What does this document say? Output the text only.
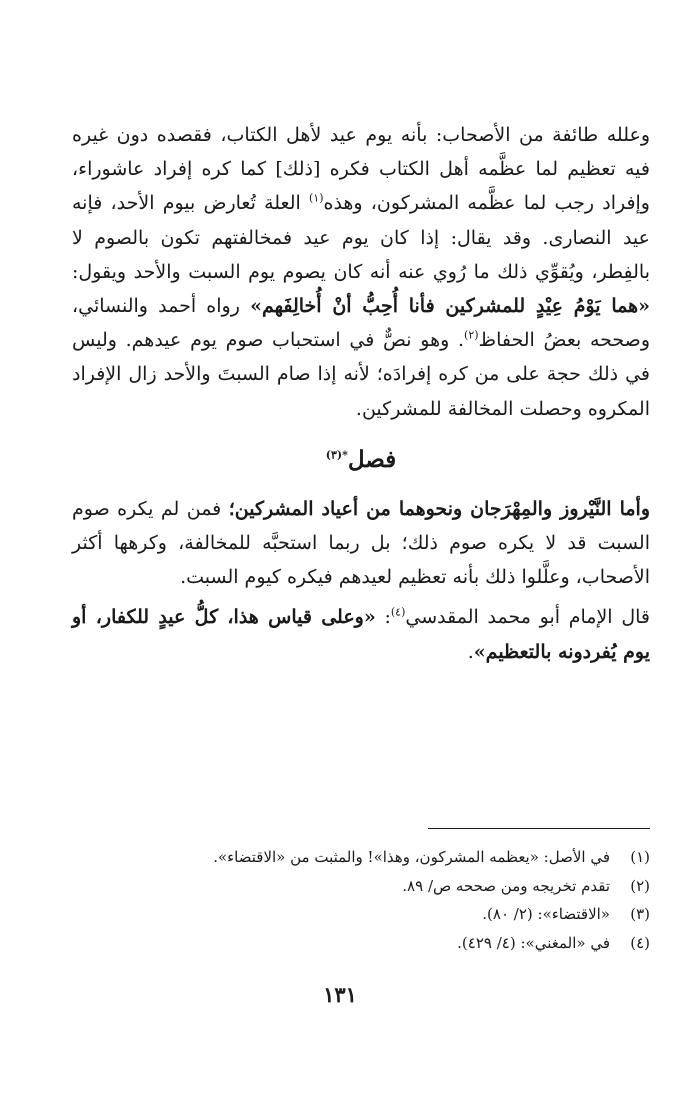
وعلله طائفة من الأصحاب: بأنه يوم عيد لأهل الكتاب، فقصده دون غيره فيه تعظيم لما عظَّمه أهل الكتاب فكره [ذلك] كما كره إفراد عاشوراء، وإفراد رجب لما عظَّمه المشركون، وهذه$^{(١)}$ العلة تُعارض بيوم الأحد، فإنه عيد النصارى. وقد يقال: إذا كان يوم عيد فمخالفتهم تكون بالصوم لا بالفِطر، ويُقوِّي ذلك ما رُوي عنه أنه كان يصوم يوم السبت والأحد ويقول: «هما يَوْمُ عِيْدٍ للمشركين فأنا أُحِبُّ أنْ أُخالِفَهم» رواه أحمد والنسائي، وصححه بعضُ الحفاظ$^{(٢)}$. وهو نصٌّ في استحباب صوم يوم عيدهم. وليس في ذلك حجة على من كره إفرادَه؛ لأنه إذا صام السبتَ والأحد زال الإفراد المكروه وحصلت المخالفة للمشركين.

فصل$^{*(٣)}$

وأما النَّيْروز والمِهْرَجان ونحوهما من أعياد المشركين؛ فمن لم يكره صوم السبت قد لا يكره صوم ذلك؛ بل ربما استحبَّه للمخالفة، وكرهها أكثر الأصحاب، وعلَّلوا ذلك بأنه تعظيم لعيدهم فيكره كيوم السبت.

قال الإمام أبو محمد المقدسي$^{(٤)}$: «وعلى قياس هذا، كلُّ عيدٍ للكفار، أو يوم يُفردونه بالتعظيم».

(١)
في الأصل: «يعظمه المشركون، وهذا»! والمثبت من «الاقتضاء».
(٢)
تقدم تخريجه ومن صححه ص/ ٨٩.
(٣)
«الاقتضاء»: (٢/ ٨٠).
(٤)
في «المغني»: (٤/ ٤٢٩).
١٣١
